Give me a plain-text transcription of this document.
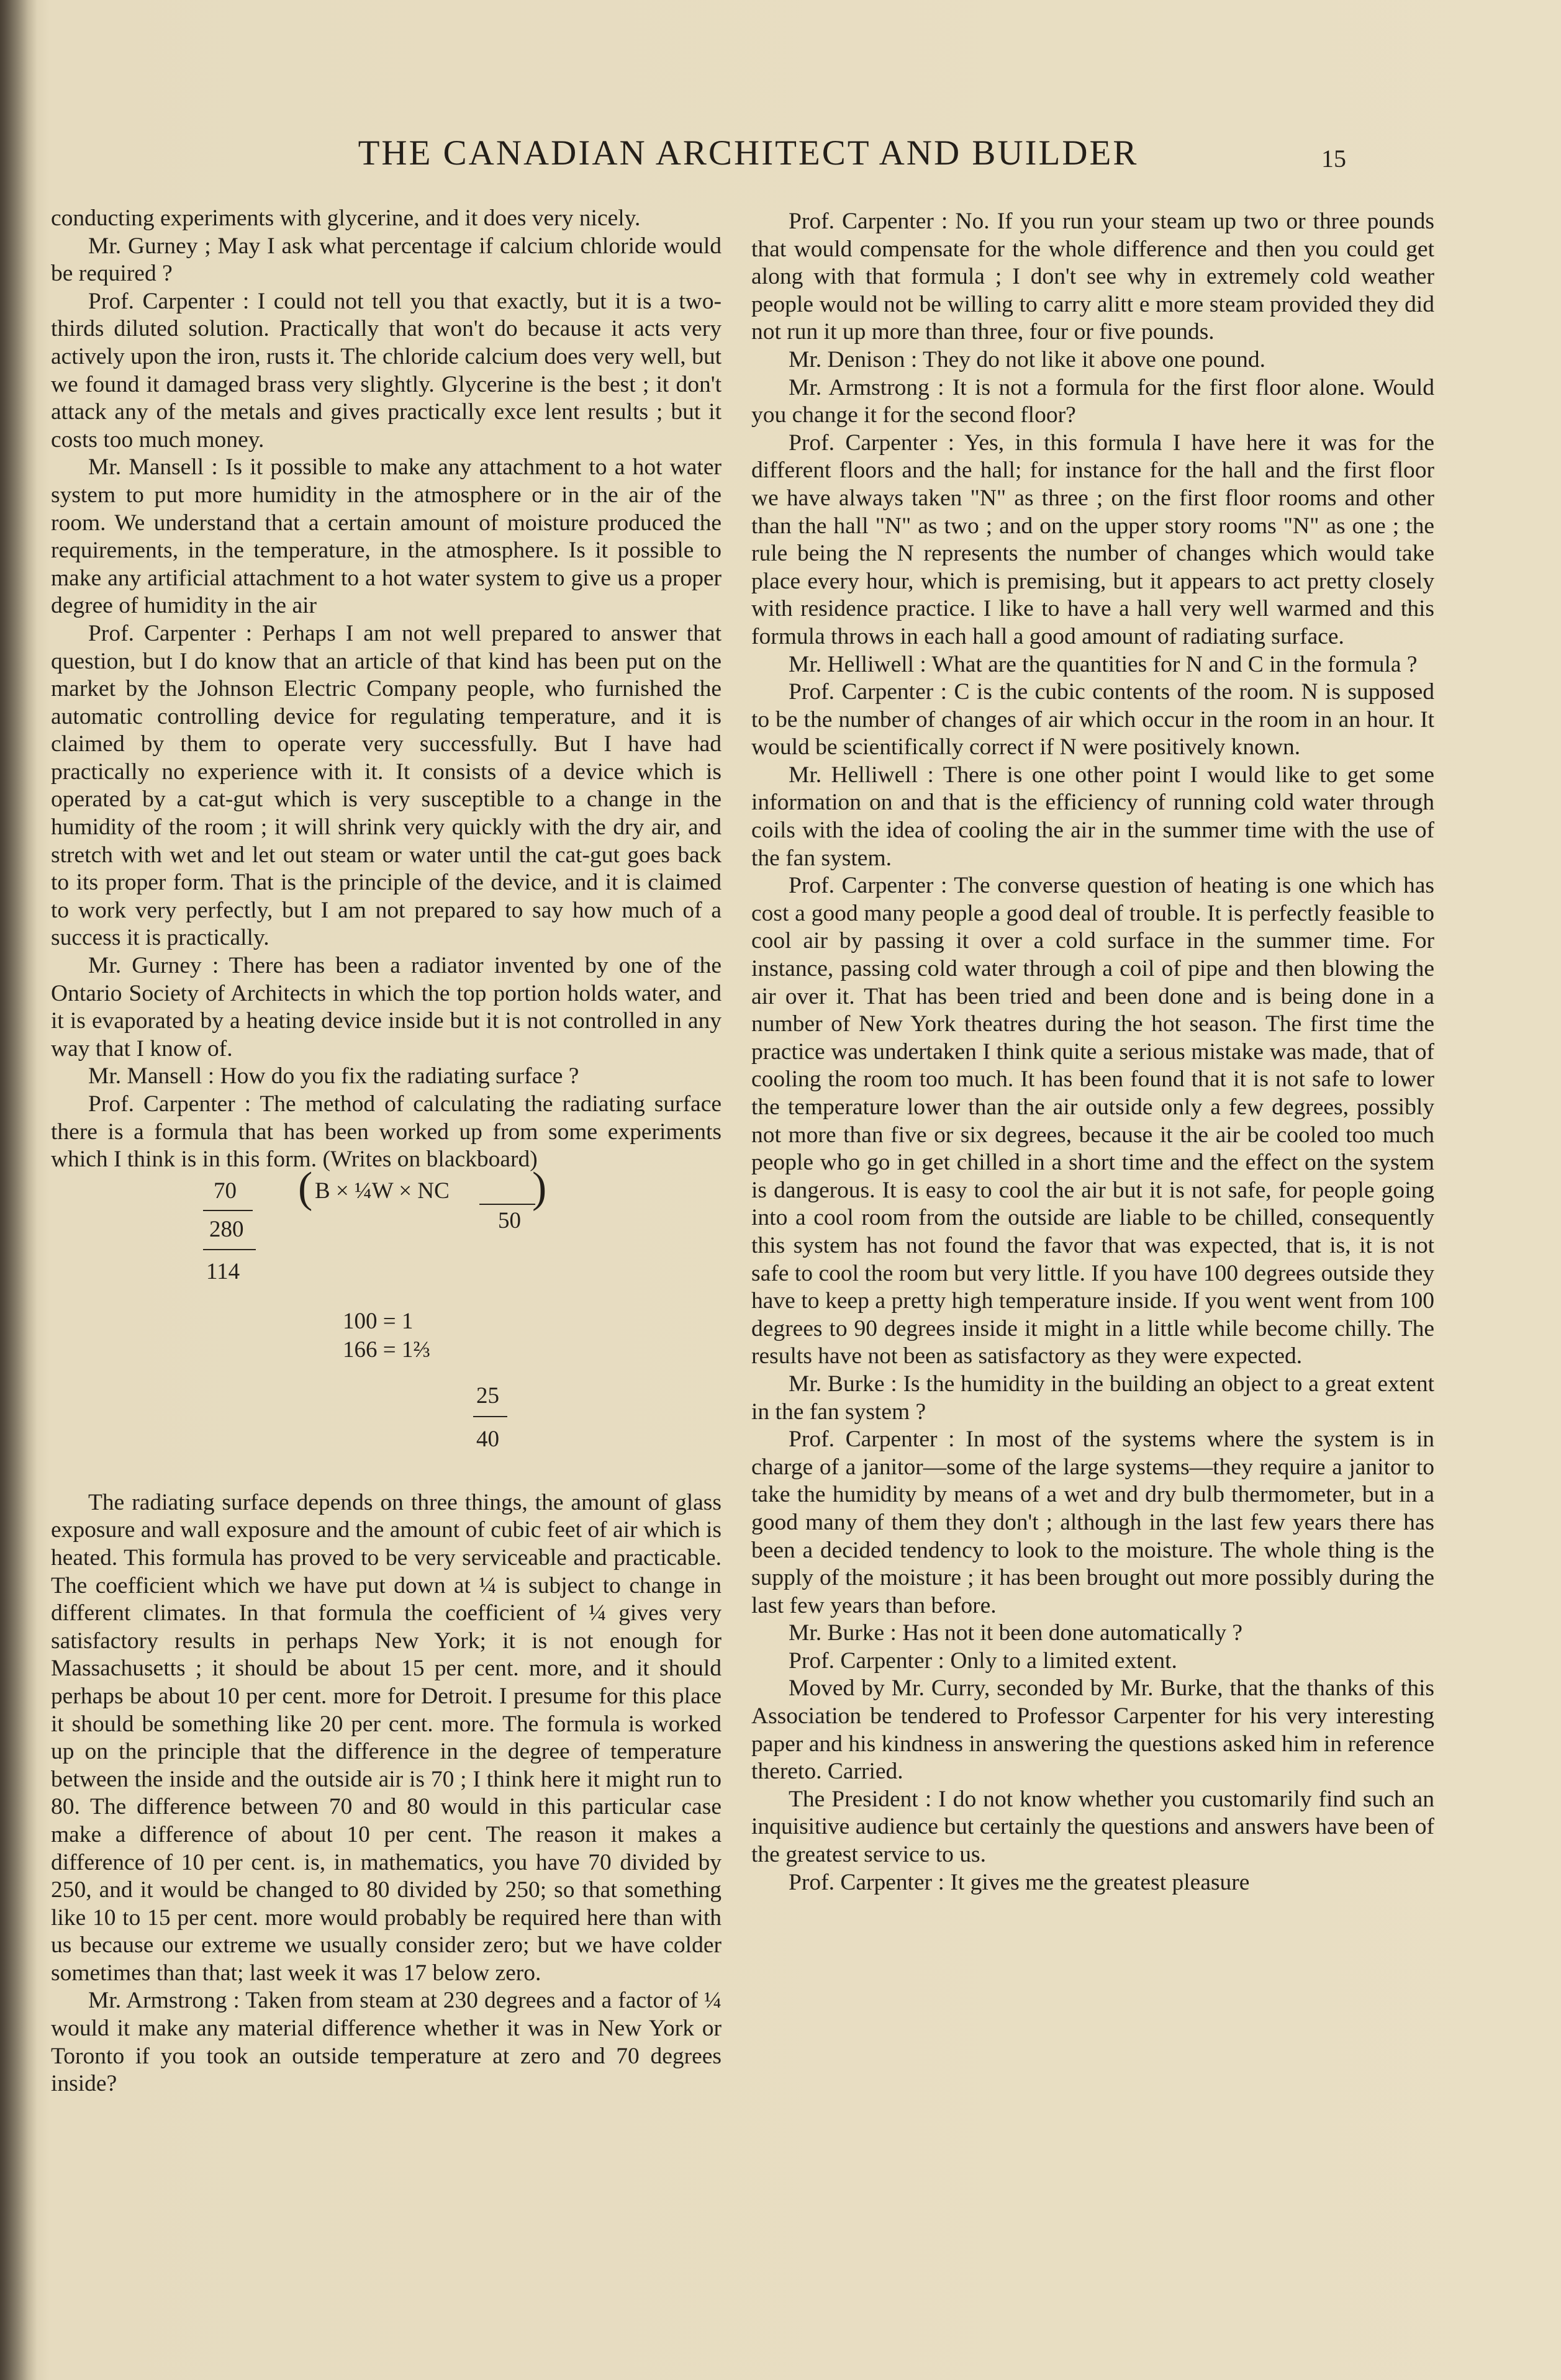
THE CANADIAN ARCHITECT AND BUILDER	15

conducting experiments with glycerine, and it does very nicely.

Mr. Gurney ; May I ask what percentage if calcium chloride would be required ?

Prof. Carpenter : I could not tell you that exactly, but it is a two-thirds diluted solution. Practically that won't do because it acts very actively upon the iron, rusts it. The chloride calcium does very well, but we found it damaged brass very slightly. Glycerine is the best ; it don't attack any of the metals and gives practically exce lent results ; but it costs too much money.

Mr. Mansell : Is it possible to make any attachment to a hot water system to put more humidity in the atmosphere or in the air of the room. We understand that a certain amount of moisture produced the requirements, in the temperature, in the atmosphere. Is it possible to make any artificial attachment to a hot water system to give us a proper degree of humidity in the air

Prof. Carpenter : Perhaps I am not well prepared to answer that question, but I do know that an article of that kind has been put on the market by the Johnson Electric Company people, who furnished the automatic controlling device for regulating temperature, and it is claimed by them to operate very successfully. But I have had practically no experience with it. It consists of a device which is operated by a cat-gut which is very susceptible to a change in the humidity of the room ; it will shrink very quickly with the dry air, and stretch with wet and let out steam or water until the cat-gut goes back to its proper form. That is the principle of the device, and it is claimed to work very perfectly, but I am not prepared to say how much of a success it is practically.

Mr. Gurney : There has been a radiator invented by one of the Ontario Society of Architects in which the top portion holds water, and it is evaporated by a heating device inside but it is not controlled in any way that I know of.

Mr. Mansell : How do you fix the radiating surface ?

Prof. Carpenter : The method of calculating the radiating surface there is a formula that has been worked up from some experiments which I think is in this form. (Writes on blackboard)

70
280
114
( B × ¼W × NC
50
)
100 = 1
166 = 1⅔
25
40

The radiating surface depends on three things, the amount of glass exposure and wall exposure and the amount of cubic feet of air which is heated. This formula has proved to be very serviceable and practicable. The coefficient which we have put down at ¼ is subject to change in different climates. In that formula the coefficient of ¼ gives very satisfactory results in perhaps New York; it is not enough for Massachusetts ; it should be about 15 per cent. more, and it should perhaps be about 10 per cent. more for Detroit. I presume for this place it should be something like 20 per cent. more. The formula is worked up on the principle that the difference in the degree of temperature between the inside and the outside air is 70 ; I think here it might run to 80. The difference between 70 and 80 would in this particular case make a difference of about 10 per cent. The reason it makes a difference of 10 per cent. is, in mathematics, you have 70 divided by 250, and it would be changed to 80 divided by 250; so that something like 10 to 15 per cent. more would probably be required here than with us because our extreme we usually consider zero; but we have colder sometimes than that; last week it was 17 below zero.

Mr. Armstrong : Taken from steam at 230 degrees and a factor of ¼ would it make any material difference whether it was in New York or Toronto if you took an outside temperature at zero and 70 degrees inside?

Prof. Carpenter : No. If you run your steam up two or three pounds that would compensate for the whole difference and then you could get along with that formula ; I don't see why in extremely cold weather people would not be willing to carry alitt e more steam provided they did not run it up more than three, four or five pounds.

Mr. Denison : They do not like it above one pound.

Mr. Armstrong : It is not a formula for the first floor alone. Would you change it for the second floor?

Prof. Carpenter : Yes, in this formula I have here it was for the different floors and the hall; for instance for the hall and the first floor we have always taken "N" as three ; on the first floor rooms and other than the hall "N" as two ; and on the upper story rooms "N" as one ; the rule being the N represents the number of changes which would take place every hour, which is premising, but it appears to act pretty closely with residence practice. I like to have a hall very well warmed and this formula throws in each hall a good amount of radiating surface.

Mr. Helliwell : What are the quantities for N and C in the formula ?

Prof. Carpenter : C is the cubic contents of the room. N is supposed to be the number of changes of air which occur in the room in an hour. It would be scientifically correct if N were positively known.

Mr. Helliwell : There is one other point I would like to get some information on and that is the efficiency of running cold water through coils with the idea of cooling the air in the summer time with the use of the fan system.

Prof. Carpenter : The converse question of heating is one which has cost a good many people a good deal of trouble. It is perfectly feasible to cool air by passing it over a cold surface in the summer time. For instance, passing cold water through a coil of pipe and then blowing the air over it. That has been tried and been done and is being done in a number of New York theatres during the hot season. The first time the practice was undertaken I think quite a serious mistake was made, that of cooling the room too much. It has been found that it is not safe to lower the temperature lower than the air outside only a few degrees, possibly not more than five or six degrees, because it the air be cooled too much people who go in get chilled in a short time and the effect on the system is dangerous. It is easy to cool the air but it is not safe, for people going into a cool room from the outside are liable to be chilled, consequently this system has not found the favor that was expected, that is, it is not safe to cool the room but very little. If you have 100 degrees outside they have to keep a pretty high temperature inside. If you went went from 100 degrees to 90 degrees inside it might in a little while become chilly. The results have not been as satisfactory as they were expected.

Mr. Burke : Is the humidity in the building an object to a great extent in the fan system ?

Prof. Carpenter : In most of the systems where the system is in charge of a janitor—some of the large systems—they require a janitor to take the humidity by means of a wet and dry bulb thermometer, but in a good many of them they don't ; although in the last few years there has been a decided tendency to look to the moisture. The whole thing is the supply of the moisture ; it has been brought out more possibly during the last few years than before.

Mr. Burke : Has not it been done automatically ?

Prof. Carpenter : Only to a limited extent.

Moved by Mr. Curry, seconded by Mr. Burke, that the thanks of this Association be tendered to Professor Carpenter for his very interesting paper and his kindness in answering the questions asked him in reference thereto. Carried.

The President : I do not know whether you customarily find such an inquisitive audience but certainly the questions and answers have been of the greatest service to us.

Prof. Carpenter : It gives me the greatest pleasure
